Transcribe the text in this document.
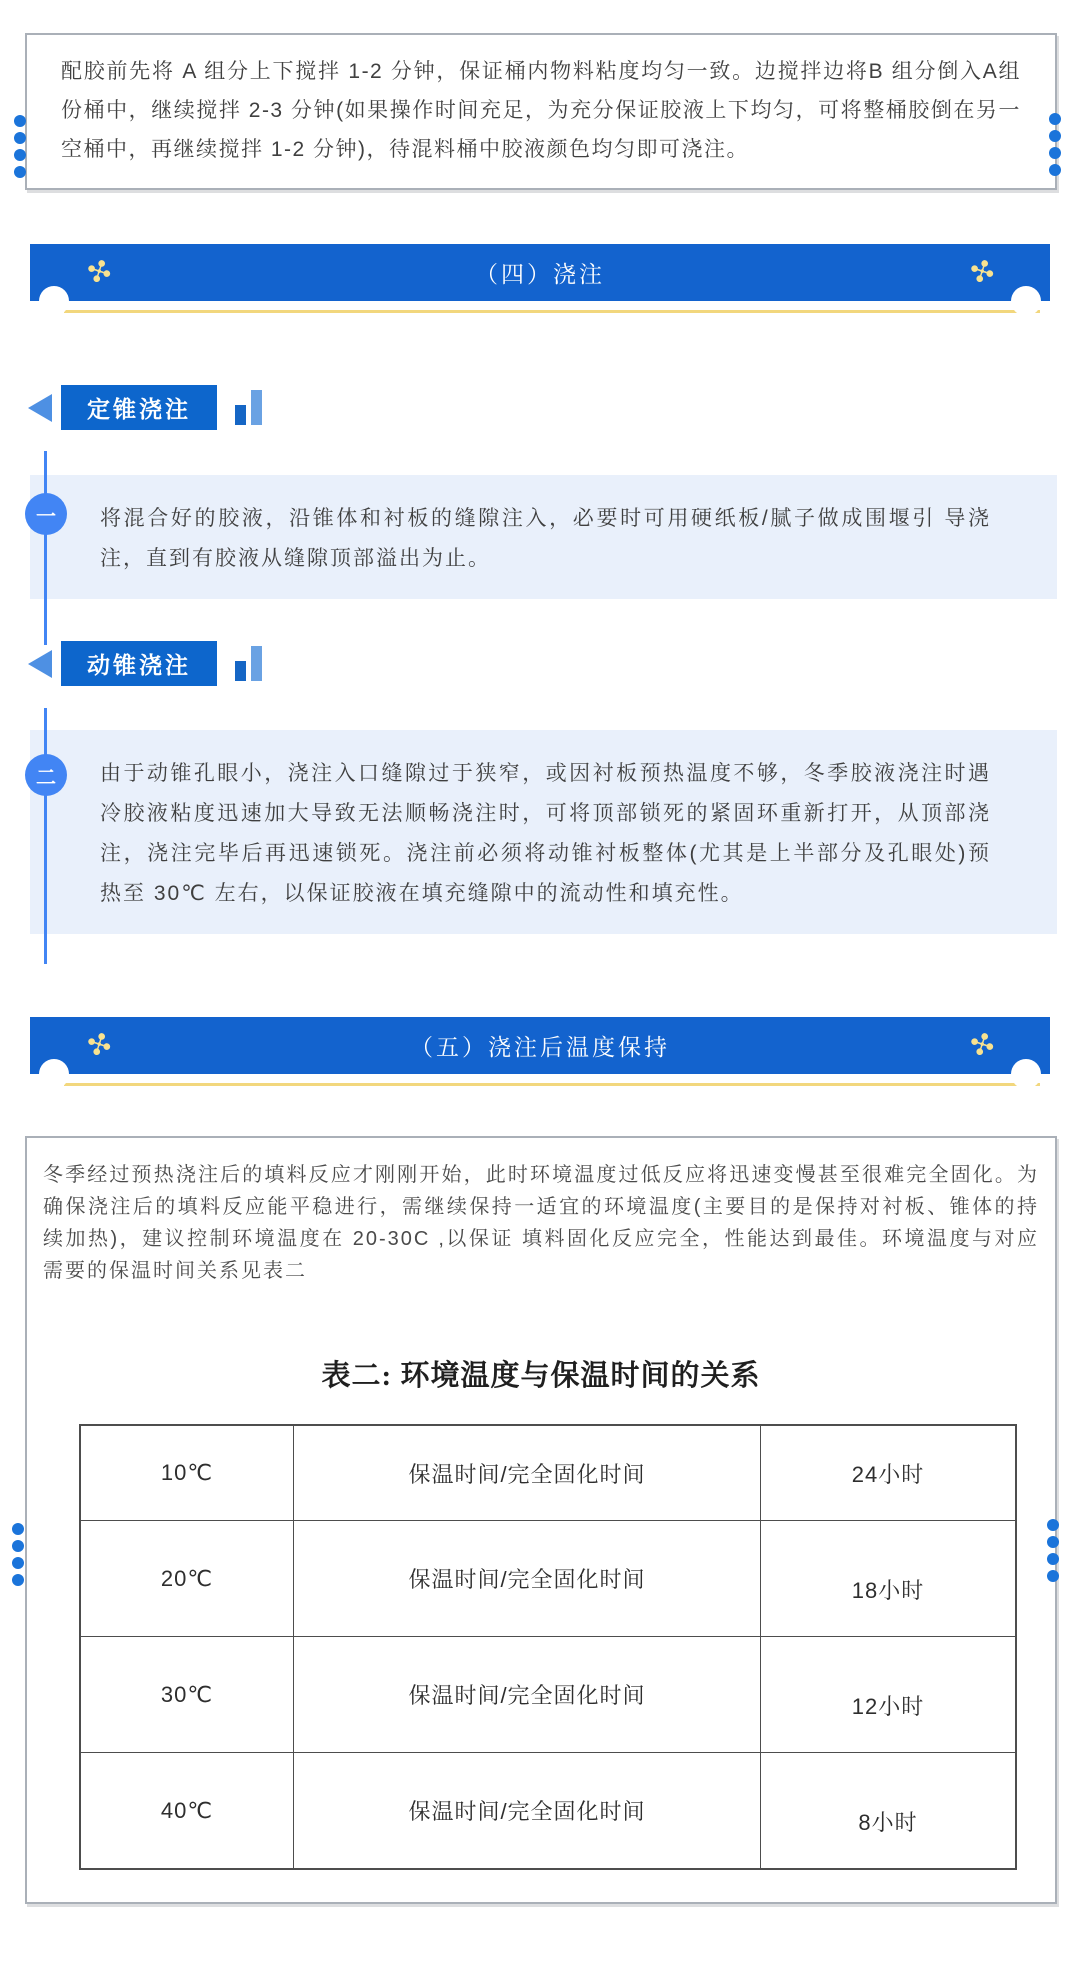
配胶前先将 A 组分上下搅拌 1-2 分钟，保证桶内物料粘度均匀一致。边搅拌边将B 组分倒入A组份桶中，继续搅拌 2-3 分钟(如果操作时间充足，为充分保证胶液上下均匀，可将整桶胶倒在另一空桶中，再继续搅拌 1-2 分钟)，待混料桶中胶液颜色均匀即可浇注。

✣	（四）浇注	✣
定锥浇注
一	将混合好的胶液，沿锥体和衬板的缝隙注入，必要时可用硬纸板/腻子做成围堰引 导浇注，直到有胶液从缝隙顶部溢出为止。

动锥浇注
二	由于动锥孔眼小，浇注入口缝隙过于狭窄，或因衬板预热温度不够，冬季胶液浇注时遇冷胶液粘度迅速加大导致无法顺畅浇注时，可将顶部锁死的紧固环重新打开，从顶部浇注，浇注完毕后再迅速锁死。浇注前必须将动锥衬板整体(尤其是上半部分及孔眼处)预热至 30℃ 左右，以保证胶液在填充缝隙中的流动性和填充性。

✣	（五）浇注后温度保持	✣

冬季经过预热浇注后的填料反应才刚刚开始，此时环境温度过低反应将迅速变慢甚至很难完全固化。为确保浇注后的填料反应能平稳进行，需继续保持一适宜的环境温度(主要目的是保持对衬板、锥体的持续加热)，建议控制环境温度在 20-30C ,以保证 填料固化反应完全，性能达到最佳。环境温度与对应需要的保温时间关系见表二

表二: 环境温度与保温时间的关系
10℃	保温时间/完全固化时间	24小时
20℃	保温时间/完全固化时间	18小时
30℃	保温时间/完全固化时间	12小时
40℃	保温时间/完全固化时间	8小时
